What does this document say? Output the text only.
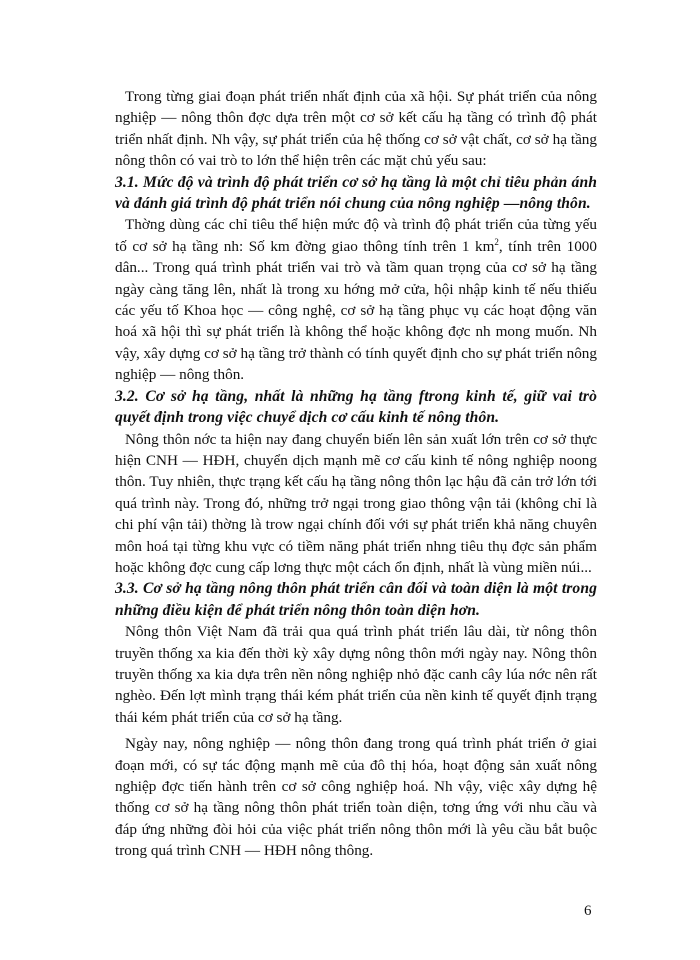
Trong từng giai đoạn phát triển nhất định của xã hội. Sự phát triển của nông nghiệp — nông thôn đợc dựa trên một cơ sở kết cấu hạ tầng có trình độ phát triển nhất định. Nh vậy, sự phát triển của hệ thống cơ sở vật chất, cơ sở hạ tầng nông thôn có vai trò to lớn thể hiện trên các mặt chủ yếu sau:

3.1. Mức độ và trình độ phát triển cơ sở hạ tầng là một chỉ tiêu phản ánh và đánh giá trình độ phát triển nói chung của nông nghiệp —nông thôn.

Thờng dùng các chỉ tiêu thể hiện mức độ và trình độ phát triển của từng yếu tố cơ sở hạ tầng nh: Số km đờng giao thông tính trên 1 $km^2$, tính trên 1000 dân... Trong quá trình phát triển vai trò và tầm quan trọng của cơ sở hạ tầng ngày càng tăng lên, nhất là trong xu hớng mở cửa, hội nhập kinh tế nếu thiếu các yếu tố Khoa học — công nghệ, cơ sở hạ tầng phục vụ các hoạt động văn hoá xã hội thì sự phát triển là không thể hoặc không đợc nh mong muốn. Nh vậy, xây dựng cơ sở hạ tầng trở thành có tính quyết định cho sự phát triển nông nghiệp — nông thôn.

3.2. Cơ sở hạ tầng, nhất là những hạ tầng ftrong kinh tế, giữ vai trò quyết định trong việc chuyể dịch cơ cấu kinh tế nông thôn.

Nông thôn nớc ta hiện nay đang chuyển biến lên sản xuất lớn trên cơ sở thực hiện CNH — HĐH, chuyển dịch mạnh mẽ cơ cấu kinh tế nông nghiệp noong thôn. Tuy nhiên, thực trạng kết cấu hạ tầng nông thôn lạc hậu đã cản trở lớn tới quá trình này. Trong đó, những trở ngại trong giao thông vận tải (không chỉ là chi phí vận tải) thờng là trow ngại chính đối với sự phát triển khả năng chuyên môn hoá tại từng khu vực có tiềm năng phát triển nhng tiêu thụ đợc sản phẩm hoặc không đợc cung cấp lơng thực một cách ổn định, nhất là vùng miền núi...

3.3. Cơ sở hạ tầng nông thôn phát triển cân đối và toàn diện là một trong những điều kiện để phát triển nông thôn toàn diện hơn.

Nông thôn Việt Nam đã trải qua quá trình phát triển lâu dài, từ nông thôn truyền thống xa kia đến thời kỳ xây dựng nông thôn mới ngày nay. Nông thôn truyền thống xa kia dựa trên nền nông nghiệp nhỏ đặc canh cây lúa nớc nên rất nghèo. Đến lợt mình trạng thái kém phát triển của nền kinh tế quyết định trạng thái kém phát triển của cơ sở hạ tầng.

Ngày nay, nông nghiệp — nông thôn đang trong quá trình phát triển ở giai đoạn mới, có sự tác động mạnh mẽ của đô thị hóa, hoạt động sản xuất nông nghiệp đợc tiến hành trên cơ sở công nghiệp hoá. Nh vậy, việc xây dựng hệ thống cơ sở hạ tầng nông thôn phát triển toàn diện, tơng ứng với nhu cầu và đáp ứng những đòi hỏi của việc phát triển nông thôn mới là yêu cầu bắt buộc trong quá trình CNH — HĐH nông thông.

6
